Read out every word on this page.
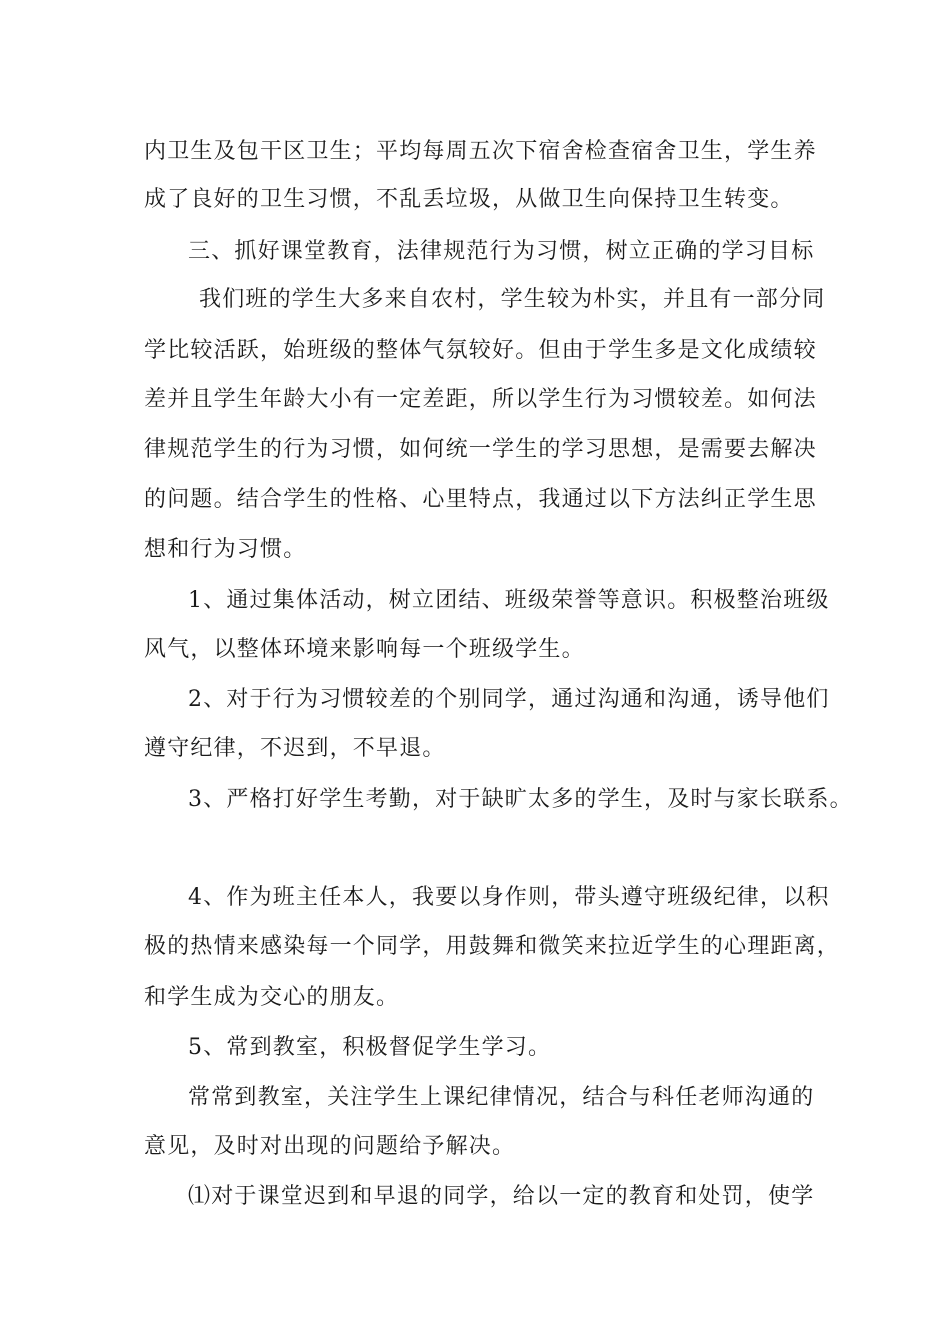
内卫生及包干区卫生；平均每周五次下宿舍检查宿舍卫生，学生养

成了良好的卫生习惯，不乱丢垃圾，从做卫生向保持卫生转变。

三、抓好课堂教育，法律规范行为习惯，树立正确的学习目标

我们班的学生大多来自农村，学生较为朴实，并且有一部分同

学比较活跃，始班级的整体气氛较好。但由于学生多是文化成绩较

差并且学生年龄大小有一定差距，所以学生行为习惯较差。如何法

律规范学生的行为习惯，如何统一学生的学习思想，是需要去解决

的问题。结合学生的性格、心里特点，我通过以下方法纠正学生思

想和行为习惯。

1、通过集体活动，树立团结、班级荣誉等意识。积极整治班级

风气，以整体环境来影响每一个班级学生。

2、对于行为习惯较差的个别同学，通过沟通和沟通，诱导他们

遵守纪律，不迟到，不早退。

3、严格打好学生考勤，对于缺旷太多的学生，及时与家长联系。

4、作为班主任本人，我要以身作则，带头遵守班级纪律，以积

极的热情来感染每一个同学，用鼓舞和微笑来拉近学生的心理距离，

和学生成为交心的朋友。

5、常到教室，积极督促学生学习。

常常到教室，关注学生上课纪律情况，结合与科任老师沟通的

意见，及时对出现的问题给予解决。

⑴对于课堂迟到和早退的同学，给以一定的教育和处罚，使学
